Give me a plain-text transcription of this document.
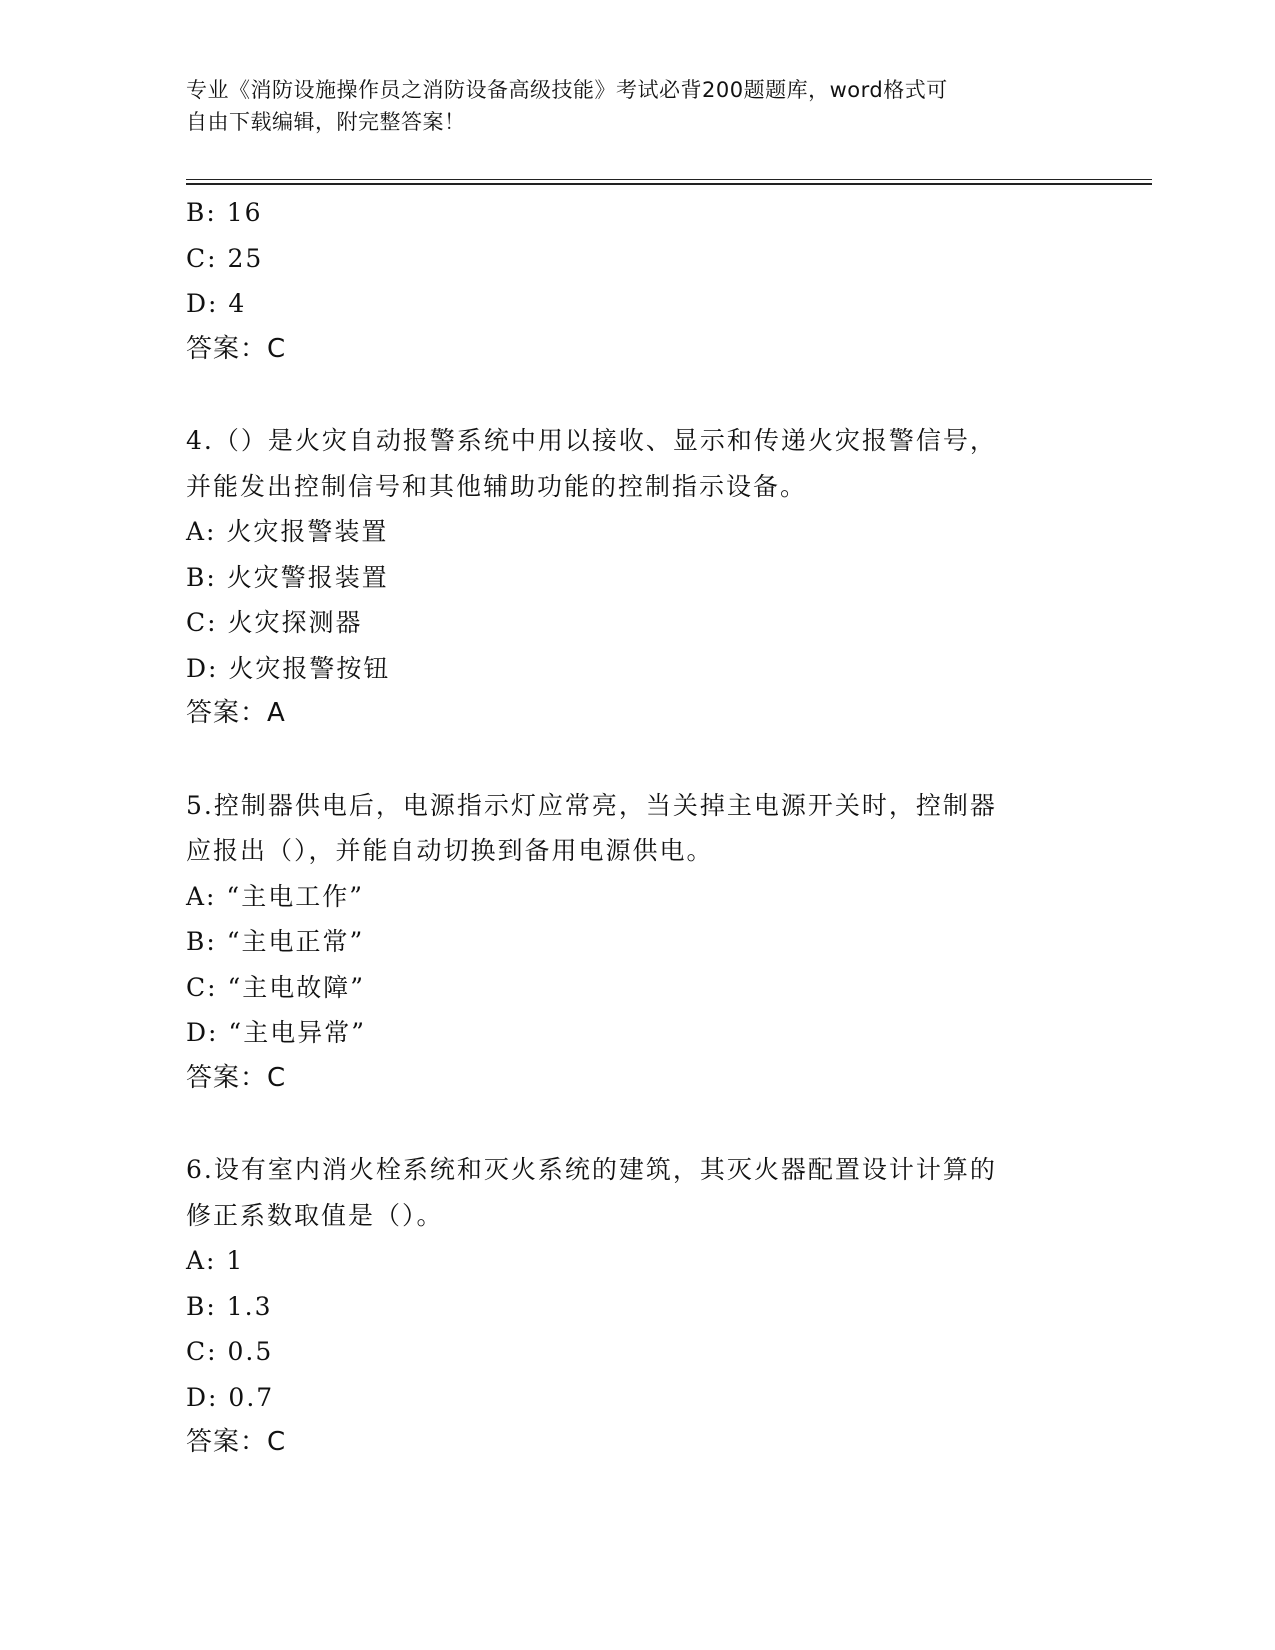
专业《消防设施操作员之消防设备高级技能》考试必背200题题库，word格式可
自由下载编辑，附完整答案！
B: 16
C: 25
D: 4
答案：C
4.（）是火灾自动报警系统中用以接收、显示和传递火灾报警信号，
并能发出控制信号和其他辅助功能的控制指示设备。
A: 火灾报警装置
B: 火灾警报装置
C: 火灾探测器
D: 火灾报警按钮
答案：A
5.控制器供电后，电源指示灯应常亮，当关掉主电源开关时，控制器
应报出（），并能自动切换到备用电源供电。
A: “主电工作”
B: “主电正常”
C: “主电故障”
D: “主电异常”
答案：C
6.设有室内消火栓系统和灭火系统的建筑，其灭火器配置设计计算的
修正系数取值是（）。
A: 1
B: 1.3
C: 0.5
D: 0.7
答案：C
